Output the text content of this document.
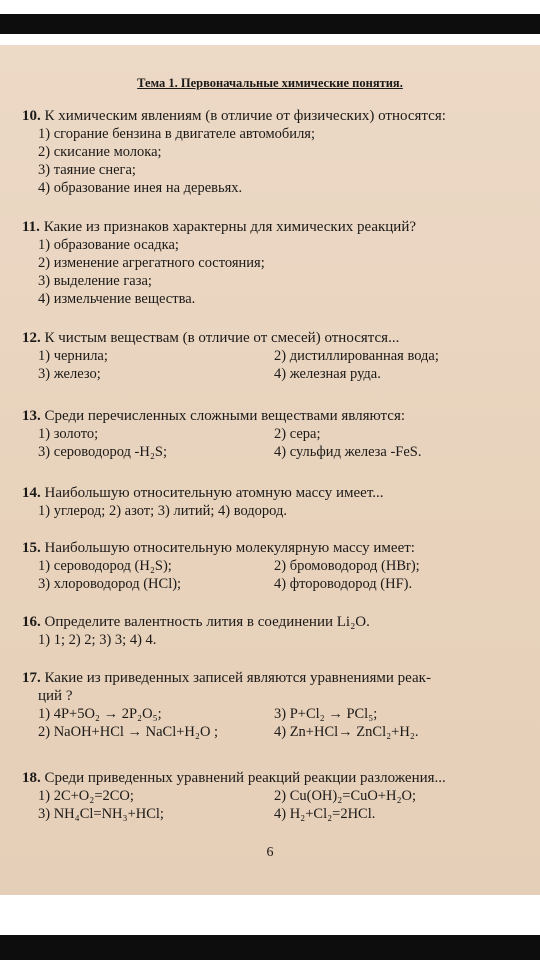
Тема 1. Первоначальные химические понятия.
10. К химическим явлениям (в отличие от физических) относятся:
1) сгорание бензина в двигателе автомобиля;
2) скисание молока;
3) таяние снега;
4) образование инея на деревьях.
11. Какие из признаков характерны для химических реакций?
1) образование осадка;
2) изменение агрегатного состояния;
3) выделение газа;
4) измельчение вещества.
12. К чистым веществам (в отличие от смесей) относятся...
1) чернила;	2) дистиллированная вода;
3) железо;	4) железная руда.
13. Среди перечисленных сложными веществами являются:
1) золото;	2) сера;
3) сероводород -H₂S;	4) сульфид железа -FeS.
14. Наибольшую относительную атомную массу имеет...
1) углерод; 2) азот; 3) литий; 4) водород.
15. Наибольшую относительную молекулярную массу имеет:
1) сероводород (H₂S);	2) бромоводород (HBr);
3) хлороводород (HCl);	4) фтороводород (HF).
16. Определите валентность лития в соединении Li₂O.
1) 1; 2) 2; 3) 3; 4) 4.
17. Какие из приведенных записей являются уравнениями реак-
ций ?
1) 4P+5O₂ → 2P₂O₅;	3) P+Cl₂ → PCl₅;
2) NaOH+HCl → NaCl+H₂O ;	4) Zn+HCl→ ZnCl₂+H₂.
18. Среди приведенных уравнений реакций реакции разложения...
1) 2C+O₂=2CO;	2) Cu(OH)₂=CuO+H₂O;
3) NH₄Cl=NH₃+HCl;	4) H₂+Cl₂=2HCl.
6
